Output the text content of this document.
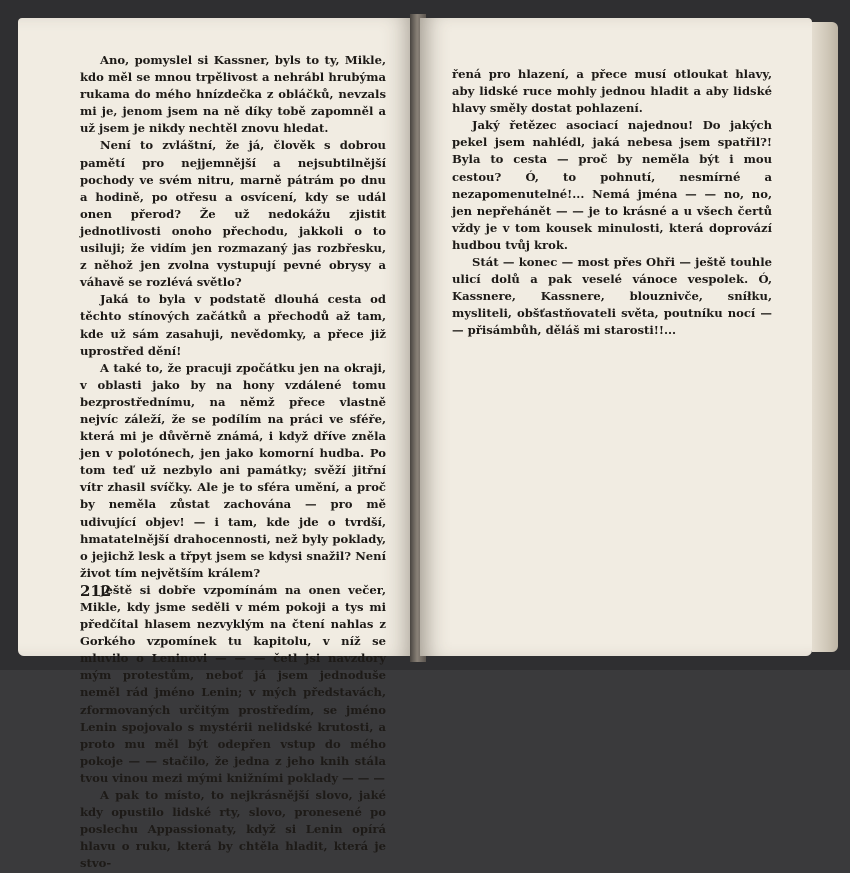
Ano, pomyslel si Kassner, byls to ty, Mikle, kdo měl se mnou trpělivost a nehrábl hrubýma rukama do mého hnízdečka z obláčků, nevzals mi je, jenom jsem na ně díky tobě zapomněl a už jsem je nikdy nechtěl znovu hledat.

Není to zvláštní, že já, člověk s dobrou pamětí pro nejjemnější a nejsubtilnější pochody ve svém nitru, marně pátrám po dnu a hodině, po otřesu a osvícení, kdy se udál onen přerod? Že už nedokážu zjistit jednotlivosti onoho přechodu, jakkoli o to usiluji; že vidím jen rozmazaný jas rozbřesku, z něhož jen zvolna vystupují pevné obrysy a váhavě se rozlévá světlo?

Jaká to byla v podstatě dlouhá cesta od těchto stínových začátků a přechodů až tam, kde už sám zasahuji, nevědomky, a přece již uprostřed dění!

A také to, že pracuji zpočátku jen na okraji, v oblasti jako by na hony vzdálené tomu bezprostřednímu, na němž přece vlastně nejvíc záleží, že se podílím na práci ve sféře, která mi je důvěrně známá, i když dříve zněla jen v polotónech, jen jako komorní hudba. Po tom teď už nezbylo ani památky; svěží jitřní vítr zhasil svíčky. Ale je to sféra umění, a proč by neměla zůstat zachována — pro mě udivující objev! — i tam, kde jde o tvrdší, hmatatelnější drahocennosti, než byly poklady, o jejichž lesk a třpyt jsem se kdysi snažil? Není život tím největším králem?

Ještě si dobře vzpomínám na onen večer, Mikle, kdy jsme seděli v mém pokoji a tys mi předčítal hlasem nezvyklým na čtení nahlas z Gorkého vzpomínek tu kapitolu, v níž se mluvilo o Leninovi — — — četl jsi navzdory mým protestům, neboť já jsem jednoduše neměl rád jméno Lenin; v mých představách, zformovaných určitým prostředím, se jméno Lenin spojovalo s mystérii nelidské krutosti, a proto mu měl být odepřen vstup do mého pokoje — — stačilo, že jedna z jeho knih stála tvou vinou mezi mými knižními poklady — — —

A pak to místo, to nejkrásnější slovo, jaké kdy opustilo lidské rty, slovo, pronesené po poslechu Appassionaty, když si Lenin opírá hlavu o ruku, která by chtěla hladit, která je stvo-

212

řená pro hlazení, a přece musí otloukat hlavy, aby lidské ruce mohly jednou hladit a aby lidské hlavy směly dostat pohlazení.

Jaký řetězec asociací najednou! Do jakých pekel jsem nahlédl, jaká nebesa jsem spatřil?! Byla to cesta — proč by neměla být i mou cestou? Ó, to pohnutí, nesmírné a nezapomenutelné!... Nemá jména — — no, no, jen nepřehánět — — je to krásné a u všech čertů vždy je v tom kousek minulosti, která doprovází hudbou tvůj krok.

Stát — konec — most přes Ohři — ještě touhle ulicí dolů a pak veselé vánoce vespolek. Ó, Kassnere, Kassnere, blouznivče, sníłku, mysliteli, obšťastňovateli světa, poutníku nocí — — přisámbůh, děláš mi starosti!!...
